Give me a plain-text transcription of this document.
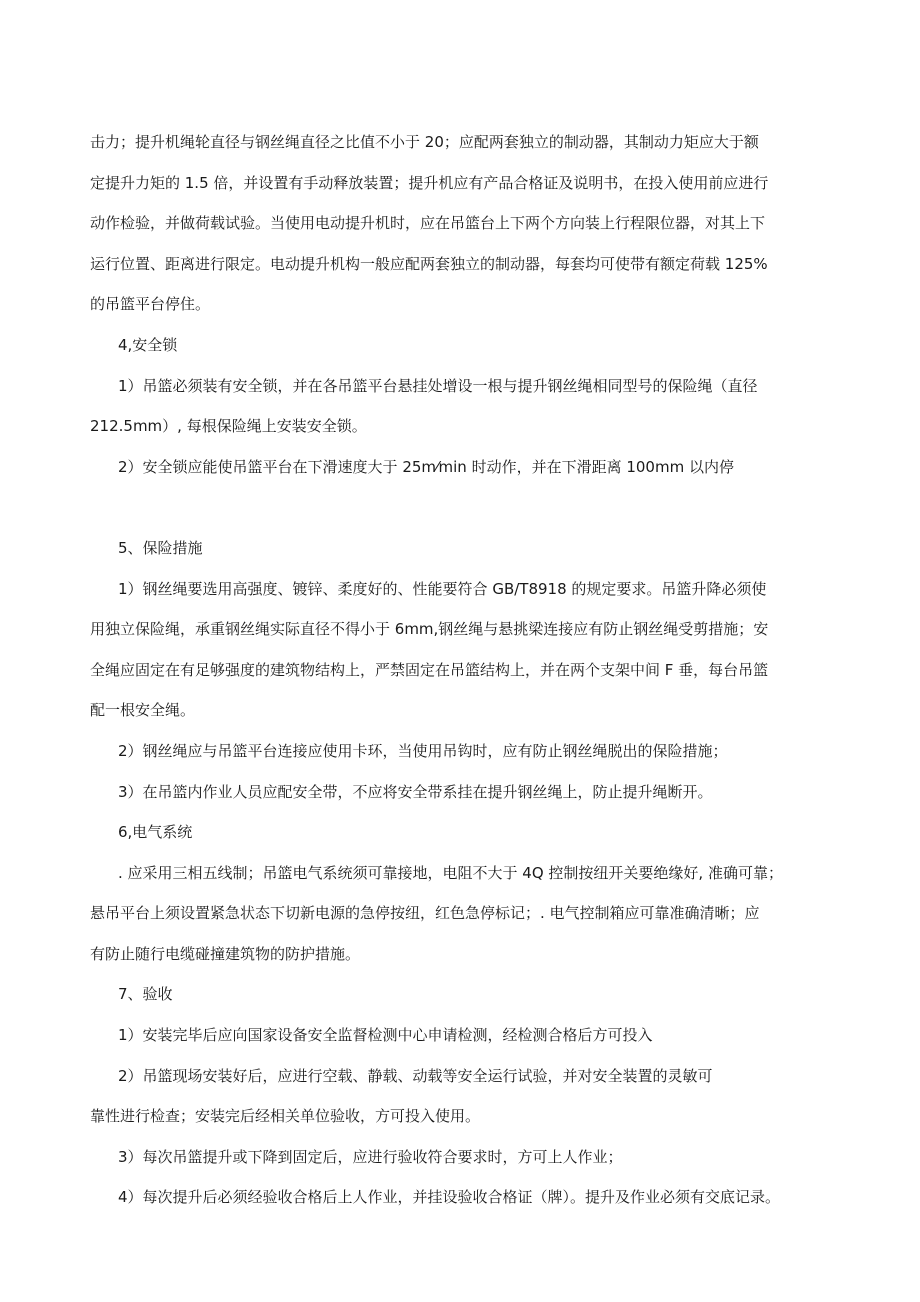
击力；提升机绳轮直径与钢丝绳直径之比值不小于 20；应配两套独立的制动器，其制动力矩应大于额
定提升力矩的 1.5 倍，并设置有手动释放装置；提升机应有产品合格证及说明书，在投入使用前应进行
动作检验，并做荷载试验。当使用电动提升机时，应在吊篮台上下两个方向装上行程限位器，对其上下
运行位置、距离进行限定。电动提升机构一般应配两套独立的制动器，每套均可使带有额定荷载 125%
的吊篮平台停住。
4,安全锁
1）吊篮必须装有安全锁，并在各吊篮平台悬挂处增设一根与提升钢丝绳相同型号的保险绳（直径
212.5mm）, 每根保险绳上安装安全锁。
2）安全锁应能使吊篮平台在下滑速度大于 25m⁄min 时动作，并在下滑距离 100mm 以内停
5、保险措施
1）钢丝绳要选用高强度、镀锌、柔度好的、性能要符合 GB/T8918 的规定要求。吊篮升降必须使
用独立保险绳，承重钢丝绳实际直径不得小于 6mm,钢丝绳与悬挑梁连接应有防止钢丝绳受剪措施；安
全绳应固定在有足够强度的建筑物结构上，严禁固定在吊篮结构上，并在两个支架中间 F 垂，每台吊篮
配一根安全绳。
2）钢丝绳应与吊篮平台连接应使用卡环，当使用吊钩时，应有防止钢丝绳脱出的保险措施；
3）在吊篮内作业人员应配安全带，不应将安全带系挂在提升钢丝绳上，防止提升绳断开。
6,电气系统
. 应采用三相五线制；吊篮电气系统须可靠接地，电阻不大于 4Q 控制按纽开关要绝缘好, 准确可靠；
悬吊平台上须设置紧急状态下切新电源的急停按纽，红色急停标记；. 电气控制箱应可靠准确清晰；应
有防止随行电缆碰撞建筑物的防护措施。
7、验收
1）安装完毕后应向国家设备安全监督检测中心申请检测，经检测合格后方可投入
2）吊篮现场安装好后，应进行空载、静载、动载等安全运行试验，并对安全装置的灵敏可
靠性进行检查；安装完后经相关单位验收，方可投入使用。
3）每次吊篮提升或下降到固定后，应进行验收符合要求时，方可上人作业；
4）每次提升后必须经验收合格后上人作业，并挂设验收合格证（牌）。提升及作业必须有交底记录。
